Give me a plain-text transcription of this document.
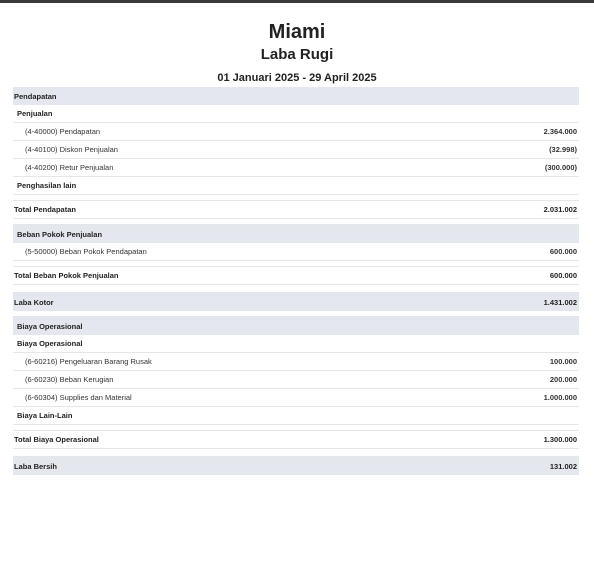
Miami
Laba Rugi
01 Januari 2025 - 29 April 2025
Pendapatan
Penjualan
(4-40000) Pendapatan	2.364.000
(4-40100) Diskon Penjualan	(32.998)
(4-40200) Retur Penjualan	(300.000)
Penghasilan lain
Total Pendapatan	2.031.002
Beban Pokok Penjualan
(5-50000) Beban Pokok Pendapatan	600.000
Total Beban Pokok Penjualan	600.000
Laba Kotor	1.431.002
Biaya Operasional
Biaya Operasional
(6-60216) Pengeluaran Barang Rusak	100.000
(6-60230) Beban Kerugian	200.000
(6-60304) Supplies dan Material	1.000.000
Biaya Lain-Lain
Total Biaya Operasional	1.300.000
Laba Bersih	131.002
